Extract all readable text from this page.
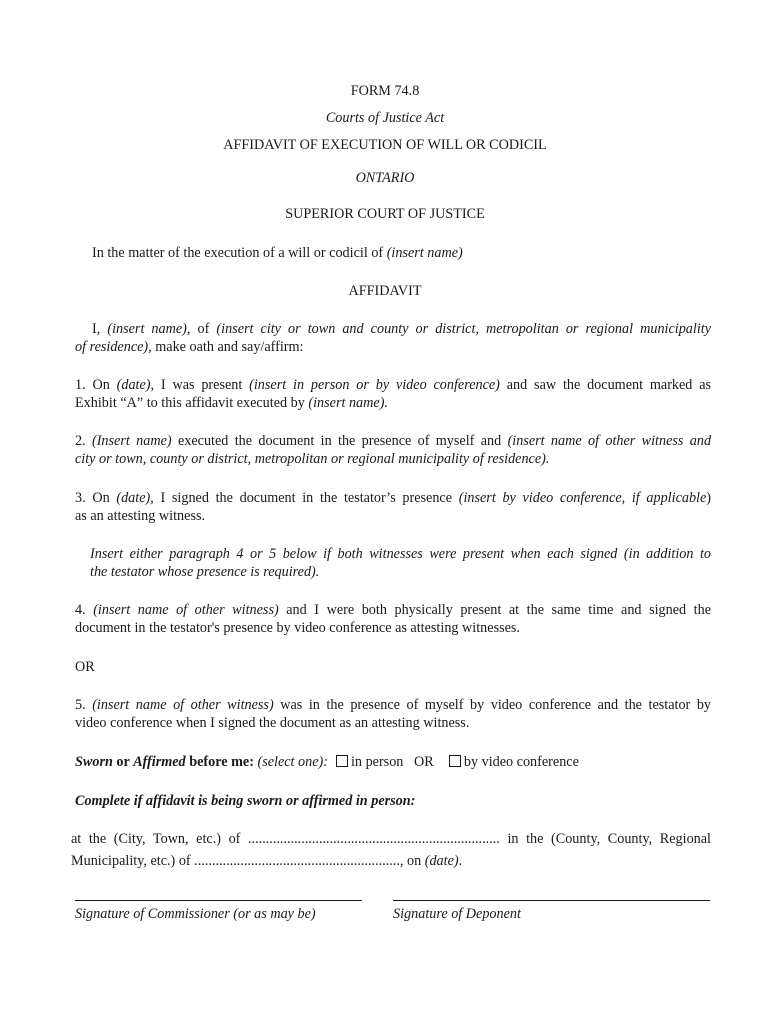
FORM 74.8
Courts of Justice Act
AFFIDAVIT OF EXECUTION OF WILL OR CODICIL
ONTARIO
SUPERIOR COURT OF JUSTICE
In the matter of the execution of a will or codicil of (insert name)
AFFIDAVIT
I, (insert name), of (insert city or town and county or district, metropolitan or regional municipality
of residence), make oath and say/affirm:
1. On (date), I was present (insert in person or by video conference) and saw the document marked as
Exhibit “A” to this affidavit executed by (insert name).
2. (Insert name) executed the document in the presence of myself and (insert name of other witness and
city or town, county or district, metropolitan or regional municipality of residence).
3. On (date), I signed the document in the testator’s presence (insert by video conference, if applicable)
as an attesting witness.
Insert either paragraph 4 or 5 below if both witnesses were present when each signed (in addition to
the testator whose presence is required).
4. (insert name of other witness) and I were both physically present at the same time and signed the
document in the testator's presence by video conference as attesting witnesses.
OR
5. (insert name of other witness) was in the presence of myself by video conference and the testator by
video conference when I signed the document as an attesting witness.
Sworn or Affirmed before me: (select one): in person OR by video conference
Complete if affidavit is being sworn or affirmed in person:
at the (City, Town, etc.) of ....................................................................... in the (County, County, Regional
Municipality, etc.) of .........................................................., on (date).
Signature of Commissioner (or as may be)	Signature of Deponent
